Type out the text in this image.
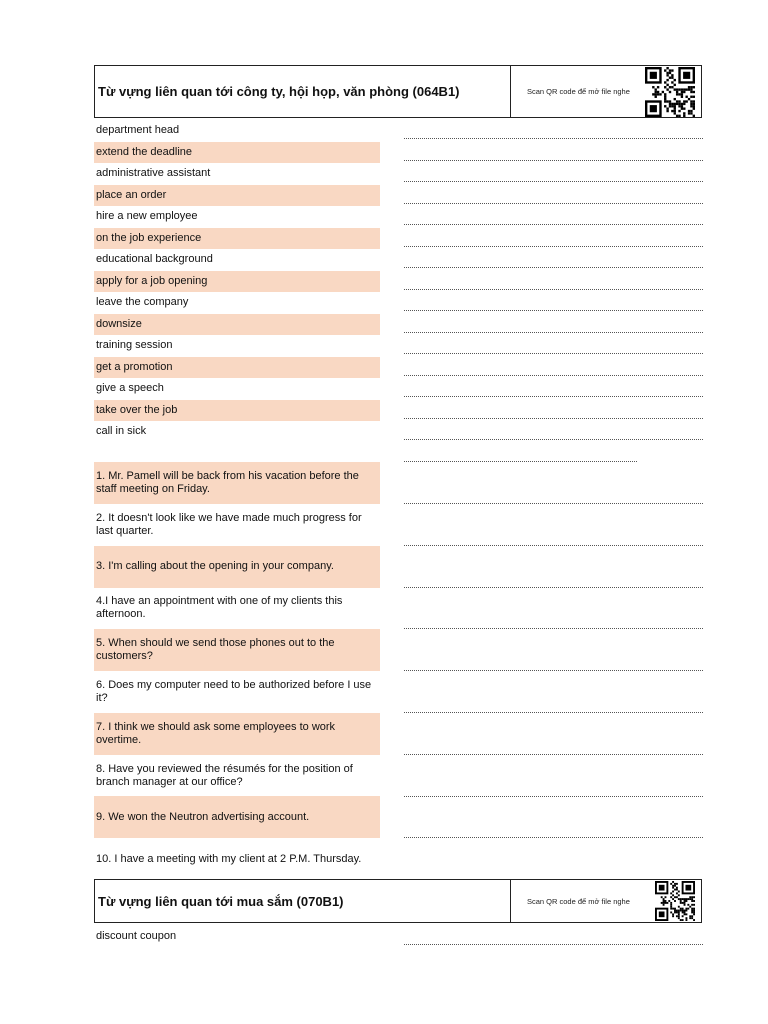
Từ vựng liên quan tới công ty, hội họp, văn phòng (064B1)	Scan QR code để mở file nghe
department head
extend the deadline
administrative assistant
place an order
hire a new employee
on the job experience
educational background
apply for a job opening
leave the company
downsize
training session
get a promotion
give a speech
take over the job
call in sick
1. Mr. Pamell will be back from his vacation before the staff meeting on Friday.
2. It doesn't look like we have made much progress for last quarter.
3. I'm calling about the opening in your company.
4.I have an appointment with one of my clients this afternoon.
5. When should we send those phones out to the customers?
6. Does my computer need to be authorized before I use it?
7. I think we should ask some employees to work overtime.
8. Have you reviewed the résumés for the position of branch manager at our office?
9. We won the Neutron advertising account.
10. I have a meeting with my client at 2 P.M. Thursday.
Từ vựng liên quan tới mua sắm (070B1)	Scan QR code để mở file nghe
discount coupon
